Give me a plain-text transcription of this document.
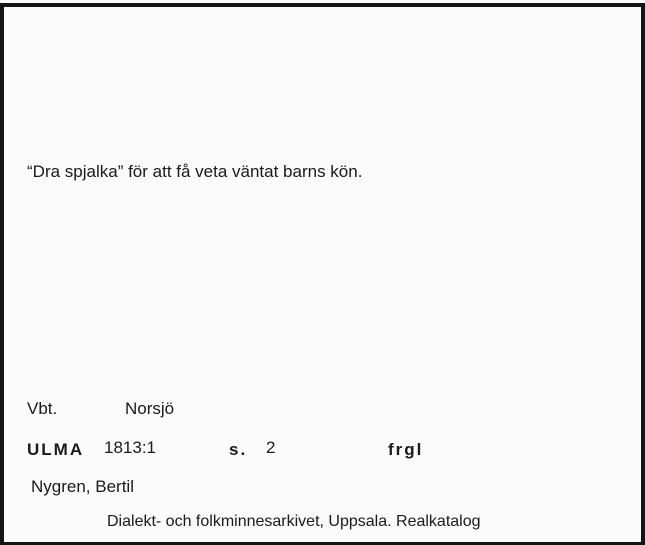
“Dra spjalka” för att få veta väntat barns kön.
Vbt.	Norsjö
ULMA 1813:1	s. 2	frgl
Nygren, Bertil
Dialekt- och folkminnesarkivet, Uppsala. Realkatalog
